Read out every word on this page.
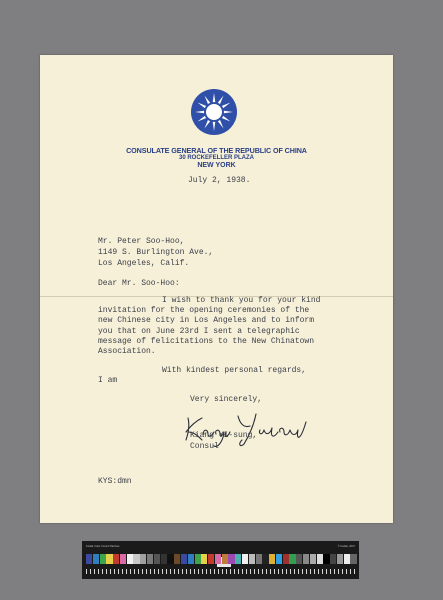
CONSULATE GENERAL OF THE REPUBLIC OF CHINA
30 ROCKEFELLER PLAZA
NEW YORK
July 2, 1938.
Mr. Peter Soo-Hoo,
1149 S. Burlington Ave.,
Los Angeles, Calif.
Dear Mr. Soo-Hoo:
I wish to thank you for your kind
invitation for the opening ceremonies of the
new Chinese city in Los Angeles and to inform
you that on June 23rd I sent a telegraphic
message of felicitations to the New Chinatown
Association.
With kindest personal regards,
I am
Very sincerely,
Kiang Yi-sung,
Consul
KYS:dmn
Kodak Color Control Patches	© Kodak, 2007
